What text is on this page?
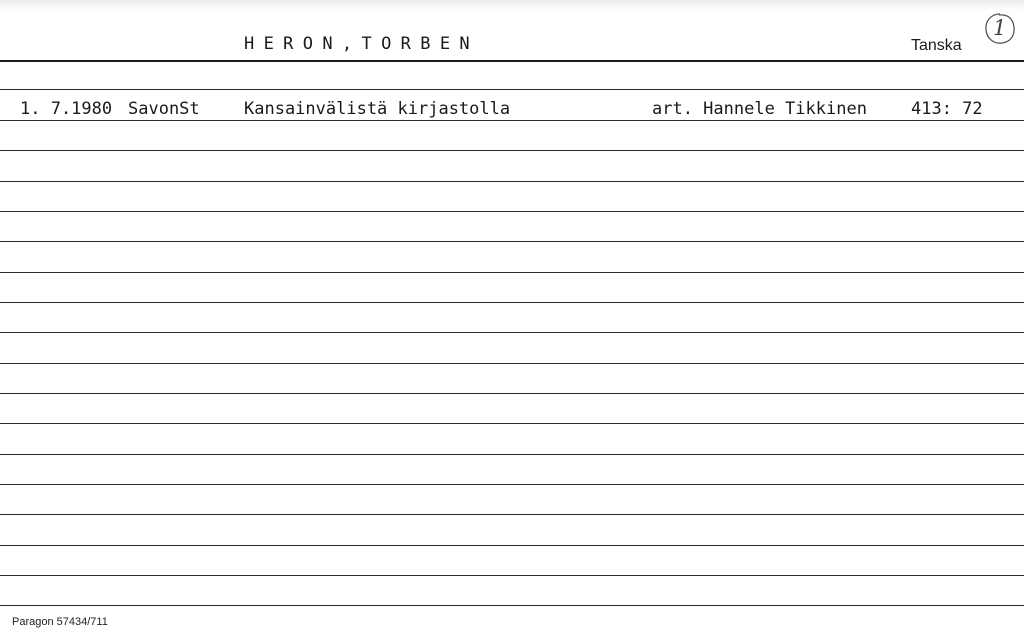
HERON,TORBEN	Tanska
1
1. 7.1980 SavonSt	Kansainvälistä kirjastolla	art. Hannele Tikkinen	413: 72
Paragon 57434/711
